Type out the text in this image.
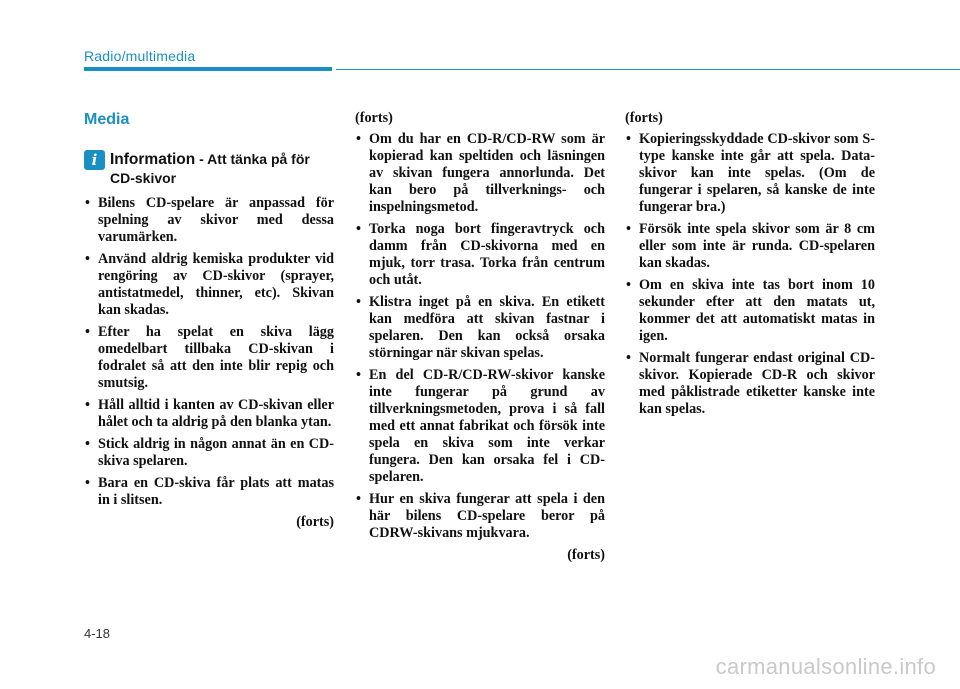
Radio/multimedia
Media
i Information - Att tänka på för
CD-skivor
• Bilens CD-spelare är anpassad för spelning av skivor med dessa varumärken.
• Använd aldrig kemiska produkter vid rengöring av CD-skivor (sprayer, antistatmedel, thinner, etc). Skivan kan skadas.
• Efter ha spelat en skiva lägg omedelbart tillbaka CD-skivan i fodralet så att den inte blir repig och smutsig.
• Håll alltid i kanten av CD-skivan eller hålet och ta aldrig på den blanka ytan.
• Stick aldrig in någon annat än en CD-skiva spelaren.
• Bara en CD-skiva får plats att matas in i slitsen.
(forts)
(forts)
• Om du har en CD-R/CD-RW som är kopierad kan speltiden och läsningen av skivan fungera annorlunda. Det kan bero på tillverknings- och inspelningsmetod.
• Torka noga bort fingeravtryck och damm från CD-skivorna med en mjuk, torr trasa. Torka från centrum och utåt.
• Klistra inget på en skiva. En etikett kan medföra att skivan fastnar i spelaren. Den kan också orsaka störningar när skivan spelas.
• En del CD-R/CD-RW-skivor kanske inte fungerar på grund av tillverkningsmetoden, prova i så fall med ett annat fabrikat och försök inte spela en skiva som inte verkar fungera. Den kan orsaka fel i CD-spelaren.
• Hur en skiva fungerar att spela i den här bilens CD-spelare beror på CDRW-skivans mjukvara.
(forts)
(forts)
• Kopieringsskyddade CD-skivor som S-type kanske inte går att spela. Data-skivor kan inte spelas. (Om de fungerar i spelaren, så kanske de inte fungerar bra.)
• Försök inte spela skivor som är 8 cm eller som inte är runda. CD-spelaren kan skadas.
• Om en skiva inte tas bort inom 10 sekunder efter att den matats ut, kommer det att automatiskt matas in igen.
• Normalt fungerar endast original CD-skivor. Kopierade CD-R och skivor med påklistrade etiketter kanske inte kan spelas.
4-18
carmanualsonline.info
